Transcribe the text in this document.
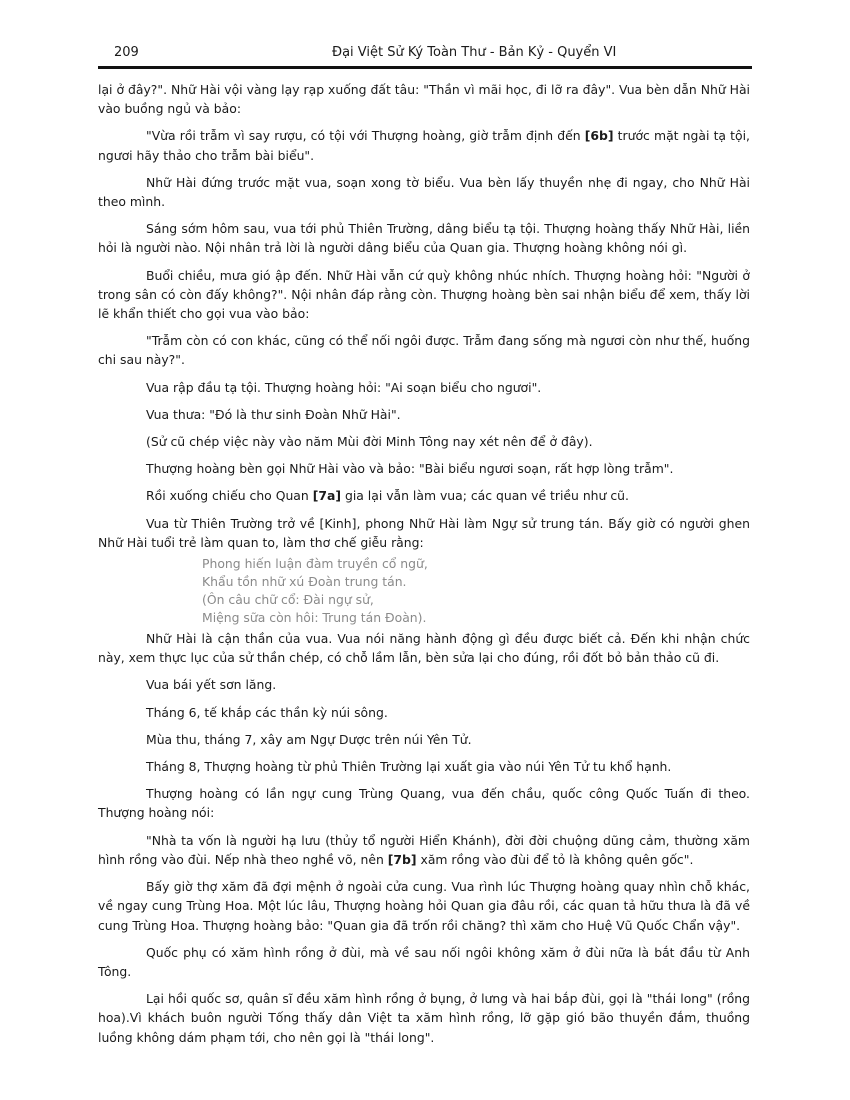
209	Đại Việt Sử Ký Toàn Thư - Bản Kỷ - Quyển VI

lại ở đây?". Nhữ Hài vội vàng lạy rạp xuống đất tâu: "Thần vì mãi học, đi lỡ ra đây". Vua bèn dẫn Nhữ Hài vào buồng ngủ và bảo:

"Vừa rồi trẫm vì say rượu, có tội với Thượng hoàng, giờ trẫm định đến [6b] trước mặt ngài tạ tội, ngươi hãy thảo cho trẫm bài biểu".

Nhữ Hài đứng trước mặt vua, soạn xong tờ biểu. Vua bèn lấy thuyền nhẹ đi ngay, cho Nhữ Hài theo mình.

Sáng sớm hôm sau, vua tới phủ Thiên Trường, dâng biểu tạ tội. Thượng hoàng thấy Nhữ Hài, liền hỏi là người nào. Nội nhân trả lời là người dâng biểu của Quan gia. Thượng hoàng không nói gì.

Buổi chiều, mưa gió ập đến. Nhữ Hài vẫn cứ quỳ không nhúc nhích. Thượng hoàng hỏi: "Người ở trong sân có còn đấy không?". Nội nhân đáp rằng còn. Thượng hoàng bèn sai nhận biểu để xem, thấy lời lẽ khẩn thiết cho gọi vua vào bảo:

"Trẫm còn có con khác, cũng có thể nối ngôi được. Trẫm đang sống mà ngươi còn như thế, huống chi sau này?".

Vua rập đầu tạ tội. Thượng hoàng hỏi: "Ai soạn biểu cho ngươi".

Vua thưa: "Đó là thư sinh Đoàn Nhữ Hài".

(Sử cũ chép việc này vào năm Mùi đời Minh Tông nay xét nên để ở đây).

Thượng hoàng bèn gọi Nhữ Hài vào và bảo: "Bài biểu ngươi soạn, rất hợp lòng trẫm".

Rồi xuống chiếu cho Quan [7a] gia lại vẫn làm vua; các quan về triều như cũ.

Vua từ Thiên Trường trở về [Kinh], phong Nhữ Hài làm Ngự sử trung tán. Bấy giờ có người ghen Nhữ Hài tuổi trẻ làm quan to, làm thơ chế giễu rằng:

Phong hiến luận đàm truyền cổ ngữ,
Khẩu tồn nhữ xú Đoàn trung tán.
(Ôn câu chữ cổ: Đài ngự sử,
Miệng sữa còn hôi: Trung tán Đoàn).

Nhữ Hài là cận thần của vua. Vua nói năng hành động gì đều được biết cả. Đến khi nhận chức này, xem thực lục của sử thần chép, có chỗ lầm lẫn, bèn sửa lại cho đúng, rồi đốt bỏ bản thảo cũ đi.

Vua bái yết sơn lăng.

Tháng 6, tế khắp các thần kỳ núi sông.

Mùa thu, tháng 7, xây am Ngự Dược trên núi Yên Tử.

Tháng 8, Thượng hoàng từ phủ Thiên Trường lại xuất gia vào núi Yên Tử tu khổ hạnh.

Thượng hoàng có lần ngự cung Trùng Quang, vua đến chầu, quốc công Quốc Tuấn đi theo. Thượng hoàng nói:

"Nhà ta vốn là người hạ lưu (thủy tổ người Hiển Khánh), đời đời chuộng dũng cảm, thường xăm hình rồng vào đùi. Nếp nhà theo nghề võ, nên [7b] xăm rồng vào đùi để tỏ là không quên gốc".

Bấy giờ thợ xăm đã đợi mệnh ở ngoài cửa cung. Vua rình lúc Thượng hoàng quay nhìn chỗ khác, về ngay cung Trùng Hoa. Một lúc lâu, Thượng hoàng hỏi Quan gia đâu rồi, các quan tả hữu thưa là đã về cung Trùng Hoa. Thượng hoàng bảo: "Quan gia đã trốn rồi chăng? thì xăm cho Huệ Vũ Quốc Chẩn vậy".

Quốc phụ có xăm hình rồng ở đùi, mà về sau nối ngôi không xăm ở đùi nữa là bắt đầu từ Anh Tông.

Lại hồi quốc sơ, quân sĩ đều xăm hình rồng ở bụng, ở lưng và hai bắp đùi, gọi là "thái long" (rồng hoa).Vì khách buôn người Tống thấy dân Việt ta xăm hình rồng, lỡ gặp gió bão thuyền đắm, thuồng luồng không dám phạm tới, cho nên gọi là "thái long".
